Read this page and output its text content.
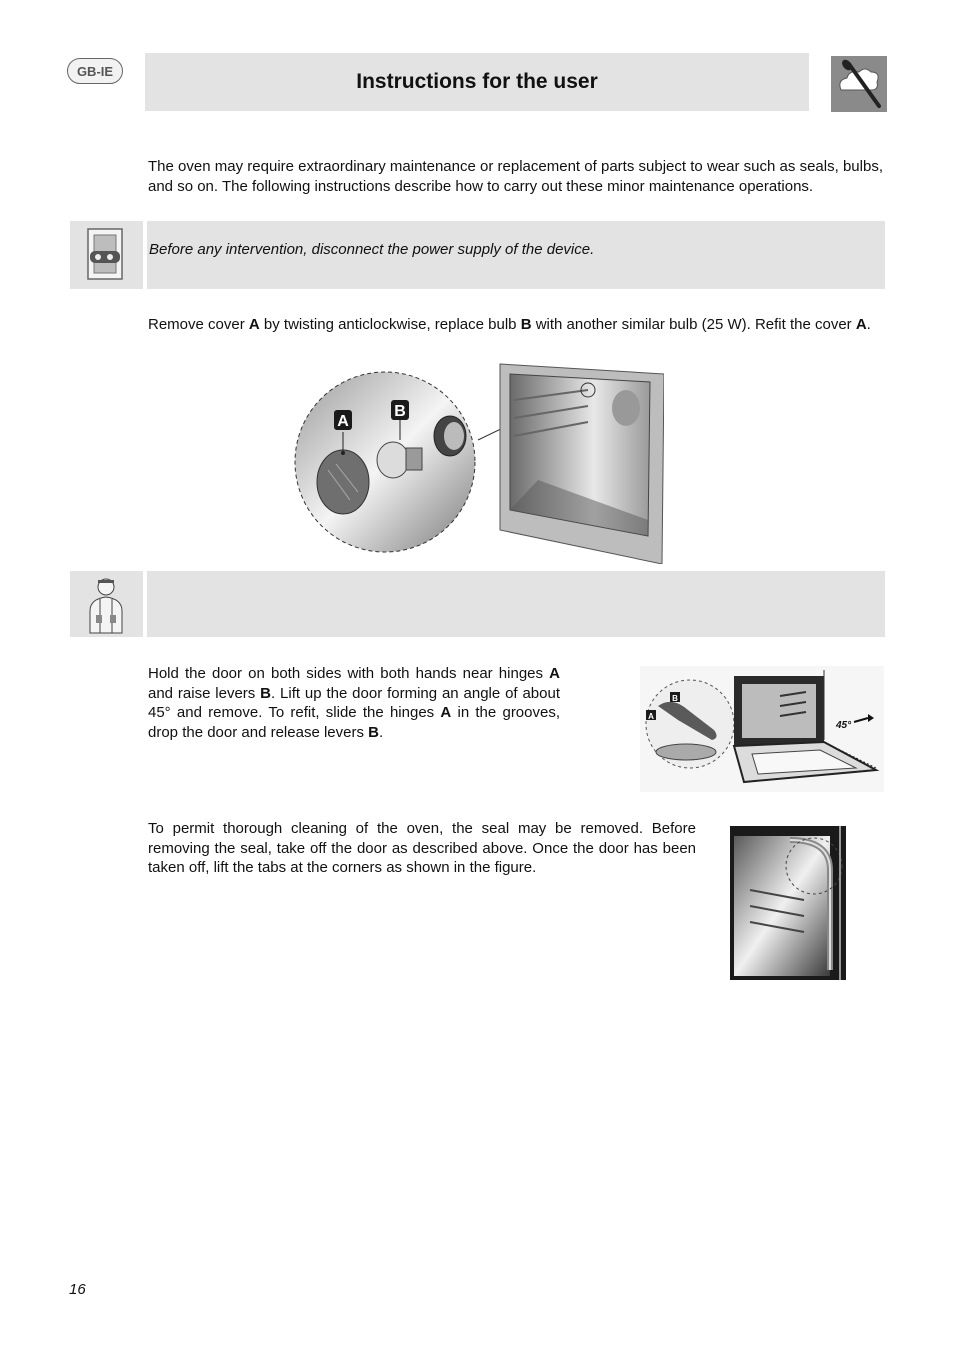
GB-IE	Instructions for the user

The oven may require extraordinary maintenance or replacement of parts subject to wear such as seals, bulbs, and so on. The following instructions describe how to carry out these minor maintenance operations.

Before any intervention, disconnect the power supply of the device.

Remove cover A by twisting anticlockwise, replace bulb B with another similar bulb (25 W). Refit the cover A.

A
B

Hold the door on both sides with both hands near hinges A and raise levers B. Lift up the door forming an angle of about 45° and remove. To refit, slide the hinges A in the grooves, drop the door and release levers B.

A
B
45°

To permit thorough cleaning of the oven, the seal may be removed. Before removing the seal, take off the door as described above. Once the door has been taken off, lift the tabs at the corners as shown in the figure.

16
